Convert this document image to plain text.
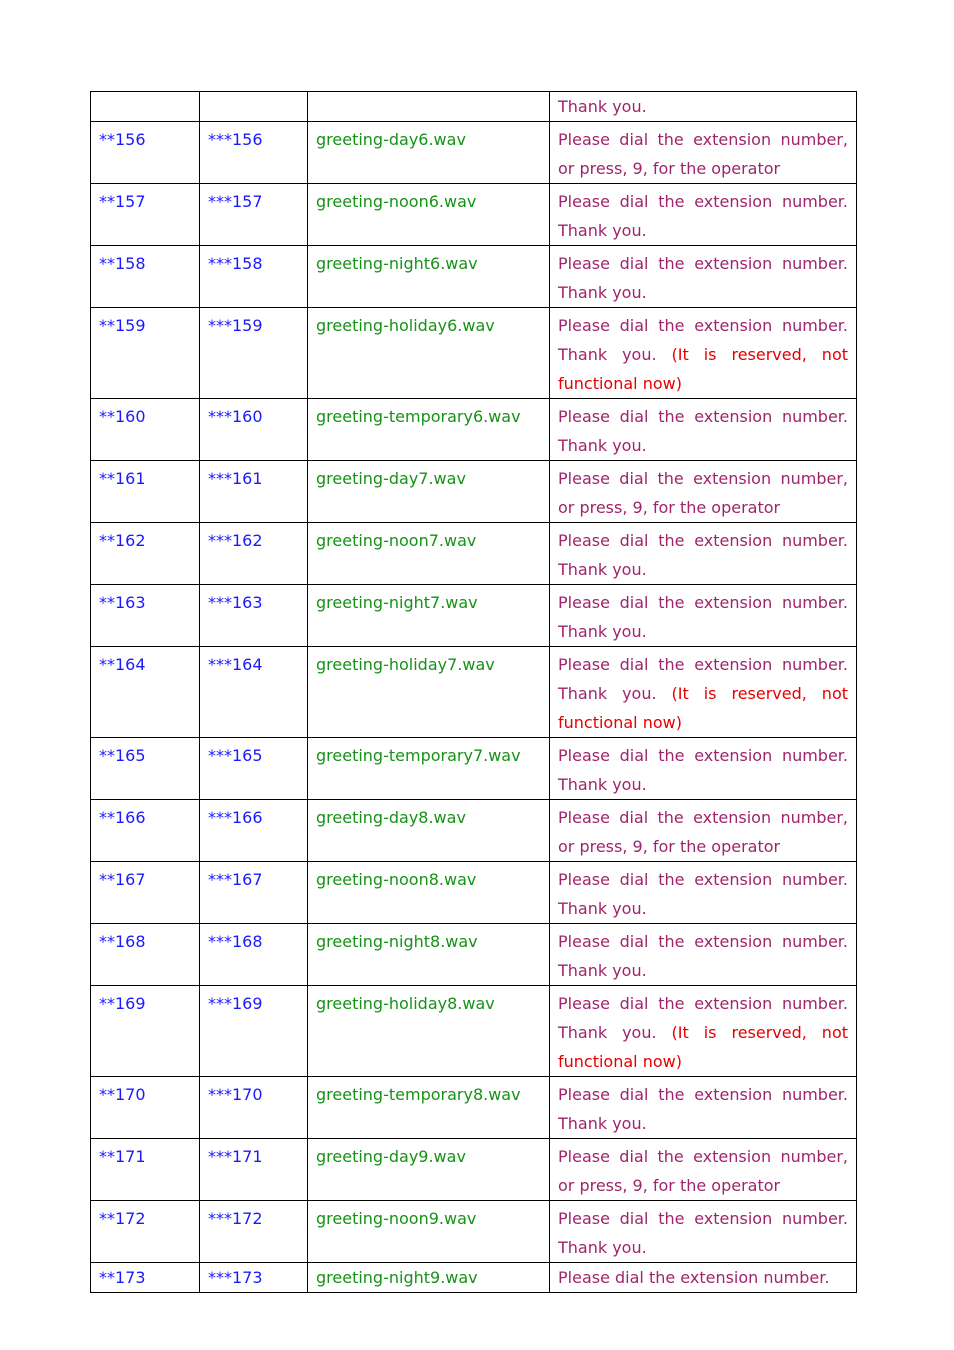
			Thank you.
**156	***156	greeting-day6.wav	Please dial the extension number, or press, 9, for the operator
**157	***157	greeting-noon6.wav	Please dial the extension number. Thank you.
**158	***158	greeting-night6.wav	Please dial the extension number. Thank you.
**159	***159	greeting-holiday6.wav	Please dial the extension number. Thank you. (It is reserved, not functional now)
**160	***160	greeting-temporary6.wav	Please dial the extension number. Thank you.
**161	***161	greeting-day7.wav	Please dial the extension number, or press, 9, for the operator
**162	***162	greeting-noon7.wav	Please dial the extension number. Thank you.
**163	***163	greeting-night7.wav	Please dial the extension number. Thank you.
**164	***164	greeting-holiday7.wav	Please dial the extension number. Thank you. (It is reserved, not functional now)
**165	***165	greeting-temporary7.wav	Please dial the extension number. Thank you.
**166	***166	greeting-day8.wav	Please dial the extension number, or press, 9, for the operator
**167	***167	greeting-noon8.wav	Please dial the extension number. Thank you.
**168	***168	greeting-night8.wav	Please dial the extension number. Thank you.
**169	***169	greeting-holiday8.wav	Please dial the extension number. Thank you. (It is reserved, not functional now)
**170	***170	greeting-temporary8.wav	Please dial the extension number. Thank you.
**171	***171	greeting-day9.wav	Please dial the extension number, or press, 9, for the operator
**172	***172	greeting-noon9.wav	Please dial the extension number. Thank you.
**173	***173	greeting-night9.wav	Please dial the extension number.
